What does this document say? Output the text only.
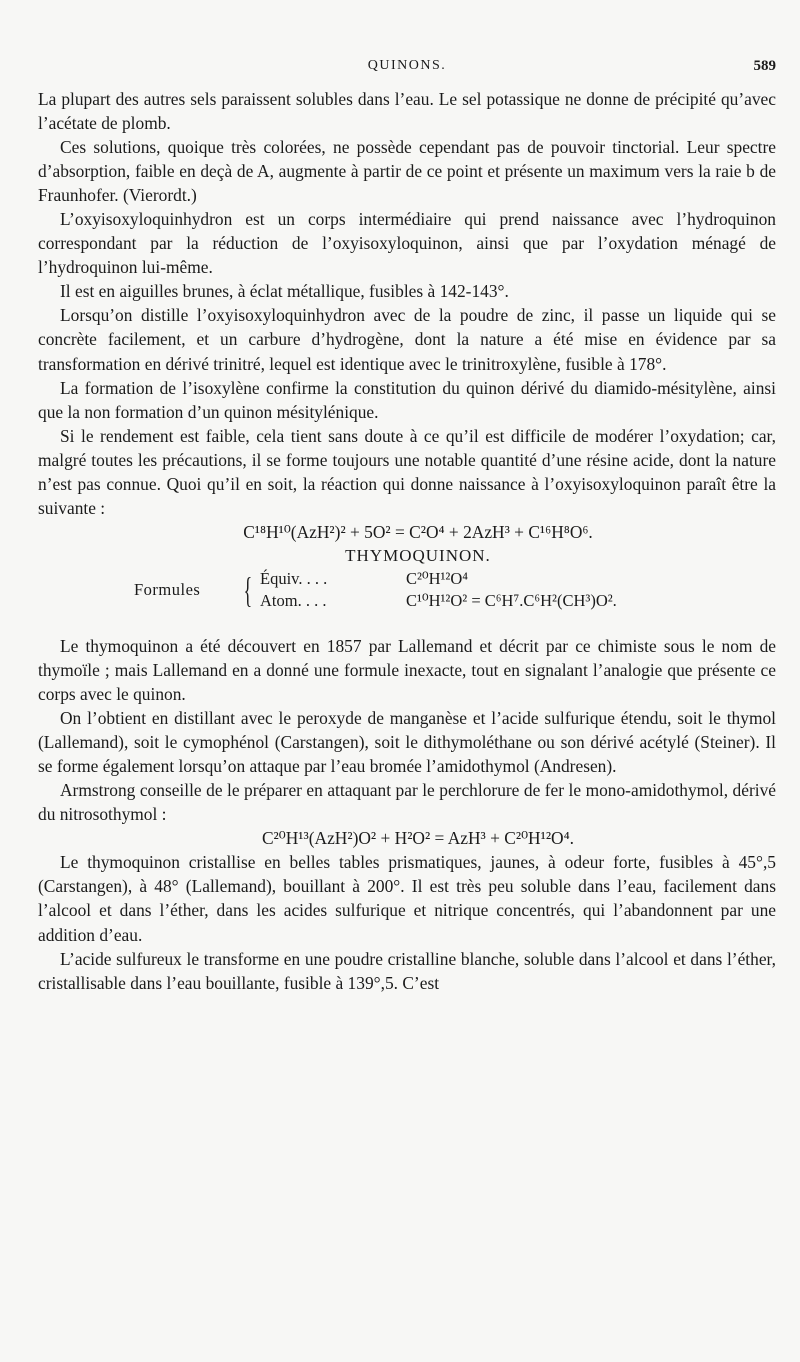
QUINONS.	589

La plupart des autres sels paraissent solubles dans l’eau. Le sel potassique ne donne de précipité qu’avec l’acétate de plomb.

Ces solutions, quoique très colorées, ne possède cependant pas de pouvoir tinctorial. Leur spectre d’absorption, faible en deçà de A, augmente à partir de ce point et présente un maximum vers la raie b de Fraunhofer. (Vierordt.)

L’oxyisoxyloquinhydron est un corps intermédiaire qui prend naissance avec l’hydroquinon correspondant par la réduction de l’oxyisoxyloquinon, ainsi que par l’oxydation ménagé de l’hydroquinon lui-même.

Il est en aiguilles brunes, à éclat métallique, fusibles à 142-143°.

Lorsqu’on distille l’oxyisoxyloquinhydron avec de la poudre de zinc, il passe un liquide qui se concrète facilement, et un carbure d’hydrogène, dont la nature a été mise en évidence par sa transformation en dérivé trinitré, lequel est identique avec le trinitroxylène, fusible à 178°.

La formation de l’isoxylène confirme la constitution du quinon dérivé du diamido-mésitylène, ainsi que la non formation d’un quinon mésitylénique.

Si le rendement est faible, cela tient sans doute à ce qu’il est difficile de modérer l’oxydation; car, malgré toutes les précautions, il se forme toujours une notable quantité d’une résine acide, dont la nature n’est pas connue. Quoi qu’il en soit, la réaction qui donne naissance à l’oxyisoxyloquinon paraît être la suivante :

C¹⁸H¹⁰(AzH²)² + 5O² = C²O⁴ + 2AzH³ + C¹⁶H⁸O⁶.

THYMOQUINON.

Formules	{ Équiv. . . .	C²⁰H¹²O⁴
Atom. . . .	C¹⁰H¹²O² = C⁶H⁷.C⁶H²(CH³)O².

Le thymoquinon a été découvert en 1857 par Lallemand et décrit par ce chimiste sous le nom de thymoïle ; mais Lallemand en a donné une formule inexacte, tout en signalant l’analogie que présente ce corps avec le quinon.

On l’obtient en distillant avec le peroxyde de manganèse et l’acide sulfurique étendu, soit le thymol (Lallemand), soit le cymophénol (Carstangen), soit le dithymoléthane ou son dérivé acétylé (Steiner). Il se forme également lorsqu’on attaque par l’eau bromée l’amidothymol (Andresen).

Armstrong conseille de le préparer en attaquant par le perchlorure de fer le mono-amidothymol, dérivé du nitrosothymol :

C²⁰H¹³(AzH²)O² + H²O² = AzH³ + C²⁰H¹²O⁴.

Le thymoquinon cristallise en belles tables prismatiques, jaunes, à odeur forte, fusibles à 45°,5 (Carstangen), à 48° (Lallemand), bouillant à 200°. Il est très peu soluble dans l’eau, facilement dans l’alcool et dans l’éther, dans les acides sulfurique et nitrique concentrés, qui l’abandonnent par une addition d’eau.

L’acide sulfureux le transforme en une poudre cristalline blanche, soluble dans l’alcool et dans l’éther, cristallisable dans l’eau bouillante, fusible à 139°,5. C’est
